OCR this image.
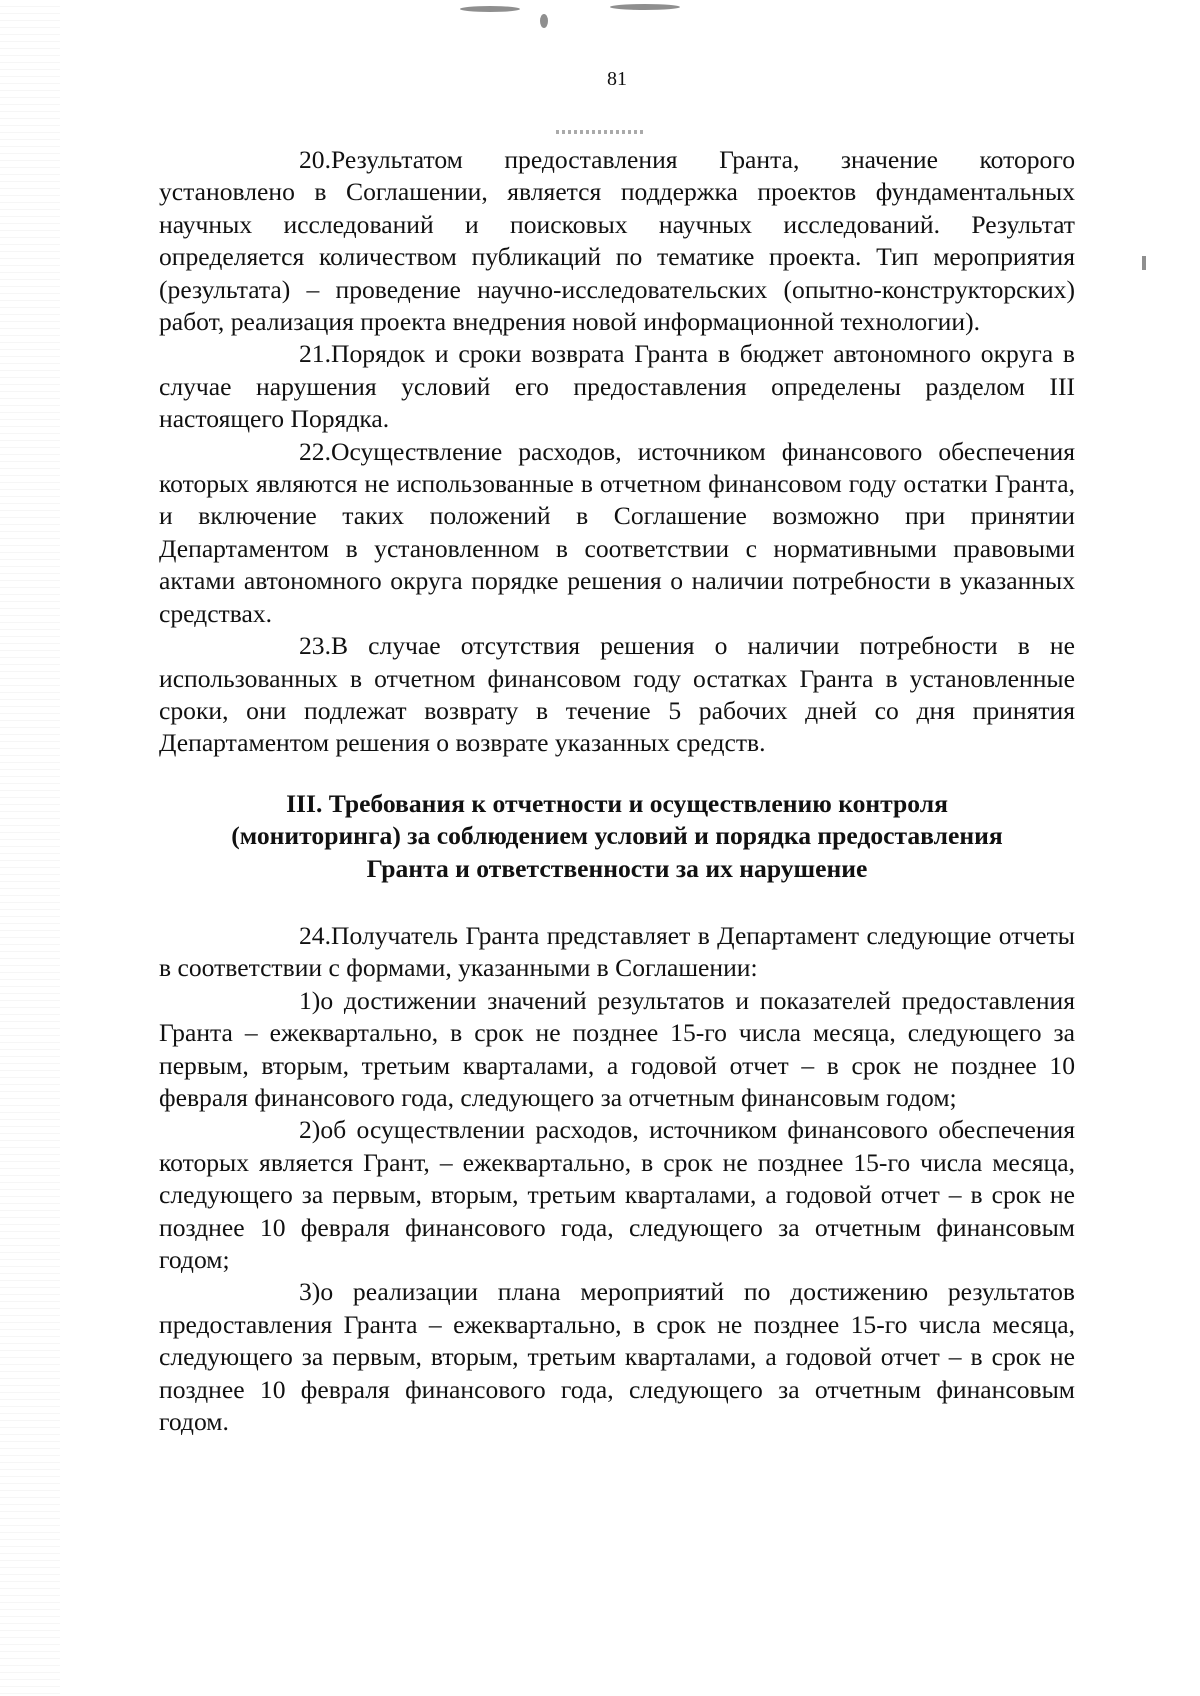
81

20.Результатом предоставления Гранта, значение которого установлено в Соглашении, является поддержка проектов фундаментальных научных исследований и поисковых научных исследований. Результат определяется количеством публикаций по тематике проекта. Тип мероприятия (результата) – проведение научно-исследовательских (опытно-конструкторских) работ, реализация проекта внедрения новой информационной технологии).

21.Порядок и сроки возврата Гранта в бюджет автономного округа в случае нарушения условий его предоставления определены разделом III настоящего Порядка.

22.Осуществление расходов, источником финансового обеспечения которых являются не использованные в отчетном финансовом году остатки Гранта, и включение таких положений в Соглашение возможно при принятии Департаментом в установленном в соответствии с нормативными правовыми актами автономного округа порядке решения о наличии потребности в указанных средствах.

23.В случае отсутствия решения о наличии потребности в не использованных в отчетном финансовом году остатках Гранта в установленные сроки, они подлежат возврату в течение 5 рабочих дней со дня принятия Департаментом решения о возврате указанных средств.

III. Требования к отчетности и осуществлению контроля
(мониторинга) за соблюдением условий и порядка предоставления
Гранта и ответственности за их нарушение

24.Получатель Гранта представляет в Департамент следующие отчеты в соответствии с формами, указанными в Соглашении:

1)о достижении значений результатов и показателей предоставления Гранта – ежеквартально, в срок не позднее 15-го числа месяца, следующего за первым, вторым, третьим кварталами, а годовой отчет – в срок не позднее 10 февраля финансового года, следующего за отчетным финансовым годом;

2)об осуществлении расходов, источником финансового обеспечения которых является Грант, – ежеквартально, в срок не позднее 15-го числа месяца, следующего за первым, вторым, третьим кварталами, а годовой отчет – в срок не позднее 10 февраля финансового года, следующего за отчетным финансовым годом;

3)о реализации плана мероприятий по достижению результатов предоставления Гранта – ежеквартально, в срок не позднее 15-го числа месяца, следующего за первым, вторым, третьим кварталами, а годовой отчет – в срок не позднее 10 февраля финансового года, следующего за отчетным финансовым годом.
